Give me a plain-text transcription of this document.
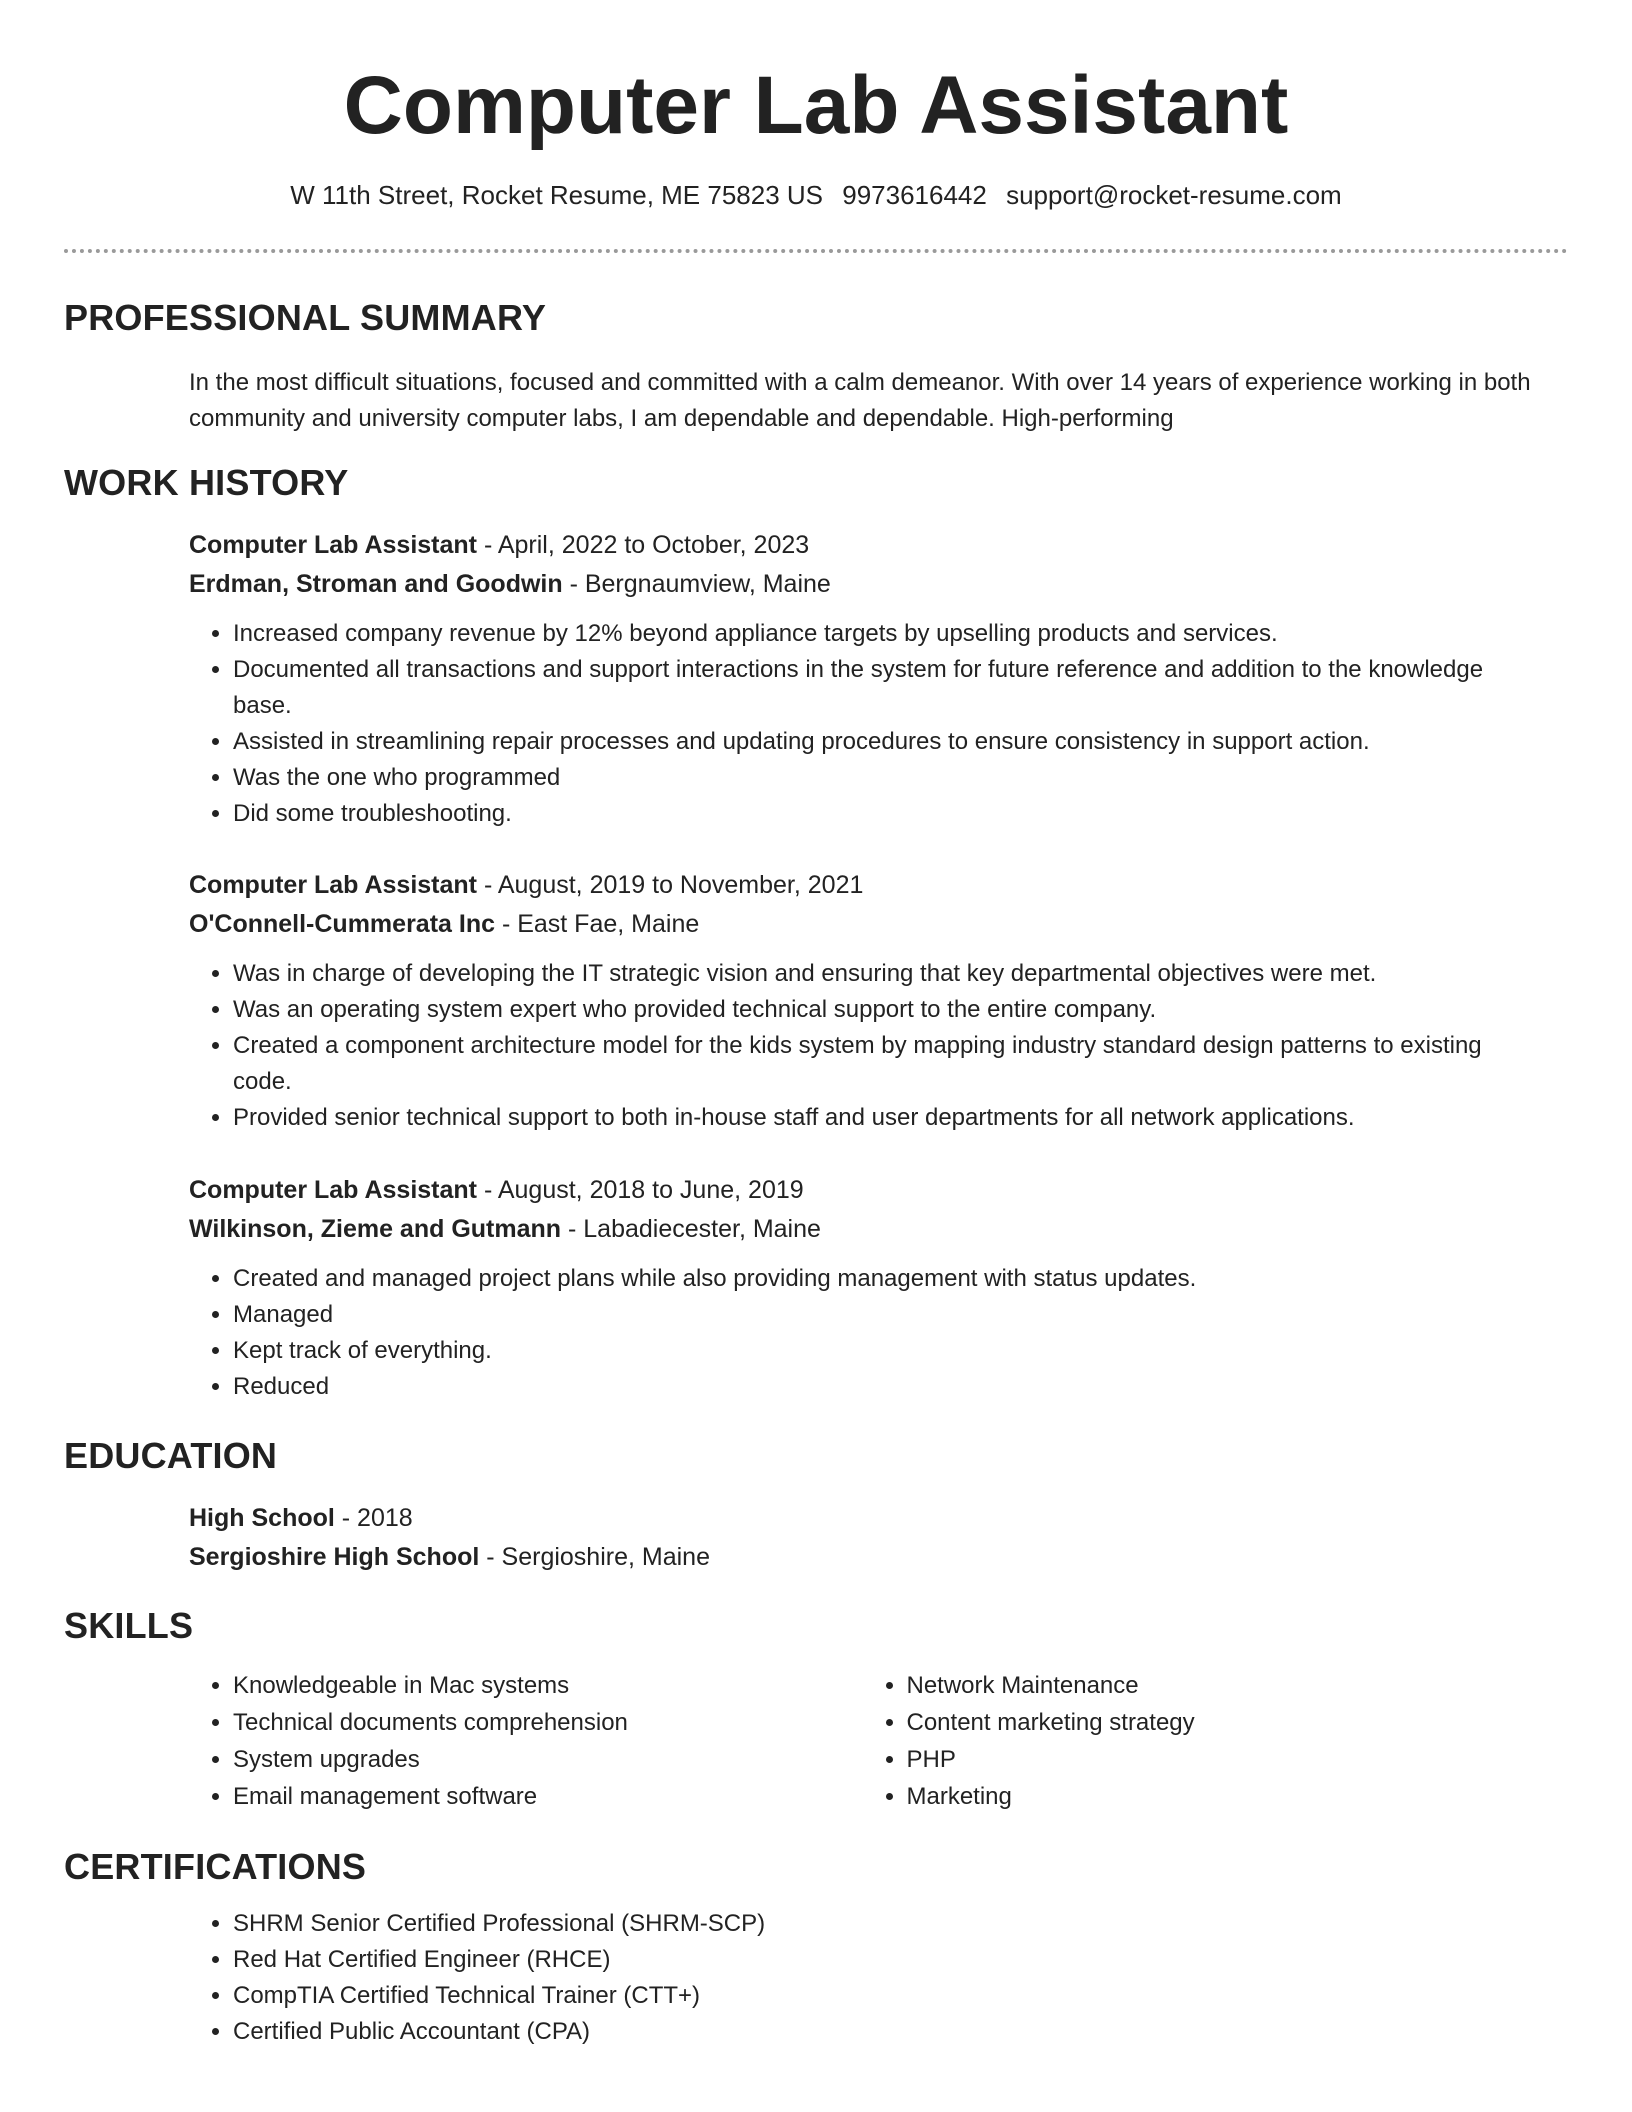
Computer Lab Assistant
W 11th Street, Rocket Resume, ME 75823 US 9973616442 support@rocket-resume.com
PROFESSIONAL SUMMARY
In the most difficult situations, focused and committed with a calm demeanor. With over 14 years of experience working in both community and university computer labs, I am dependable and dependable. High-performing
WORK HISTORY

Computer Lab Assistant - April, 2022 to October, 2023

Erdman, Stroman and Goodwin - Bergnaumview, Maine

• Increased company revenue by 12% beyond appliance targets by upselling products and services.
• Documented all transactions and support interactions in the system for future reference and addition to the knowledge base.
• Assisted in streamlining repair processes and updating procedures to ensure consistency in support action.
• Was the one who programmed
• Did some troubleshooting.

Computer Lab Assistant - August, 2019 to November, 2021

O'Connell-Cummerata Inc - East Fae, Maine

• Was in charge of developing the IT strategic vision and ensuring that key departmental objectives were met.
• Was an operating system expert who provided technical support to the entire company.
• Created a component architecture model for the kids system by mapping industry standard design patterns to existing code.
• Provided senior technical support to both in-house staff and user departments for all network applications.

Computer Lab Assistant - August, 2018 to June, 2019

Wilkinson, Zieme and Gutmann - Labadiecester, Maine

• Created and managed project plans while also providing management with status updates.
• Managed
• Kept track of everything.
• Reduced
EDUCATION

High School - 2018

Sergioshire High School - Sergioshire, Maine

SKILLS
• Knowledgeable in Mac systems
• Technical documents comprehension
• System upgrades
• Email management software
• Network Maintenance
• Content marketing strategy
• PHP
• Marketing
CERTIFICATIONS
• SHRM Senior Certified Professional (SHRM-SCP)
• Red Hat Certified Engineer (RHCE)
• CompTIA Certified Technical Trainer (CTT+)
• Certified Public Accountant (CPA)
